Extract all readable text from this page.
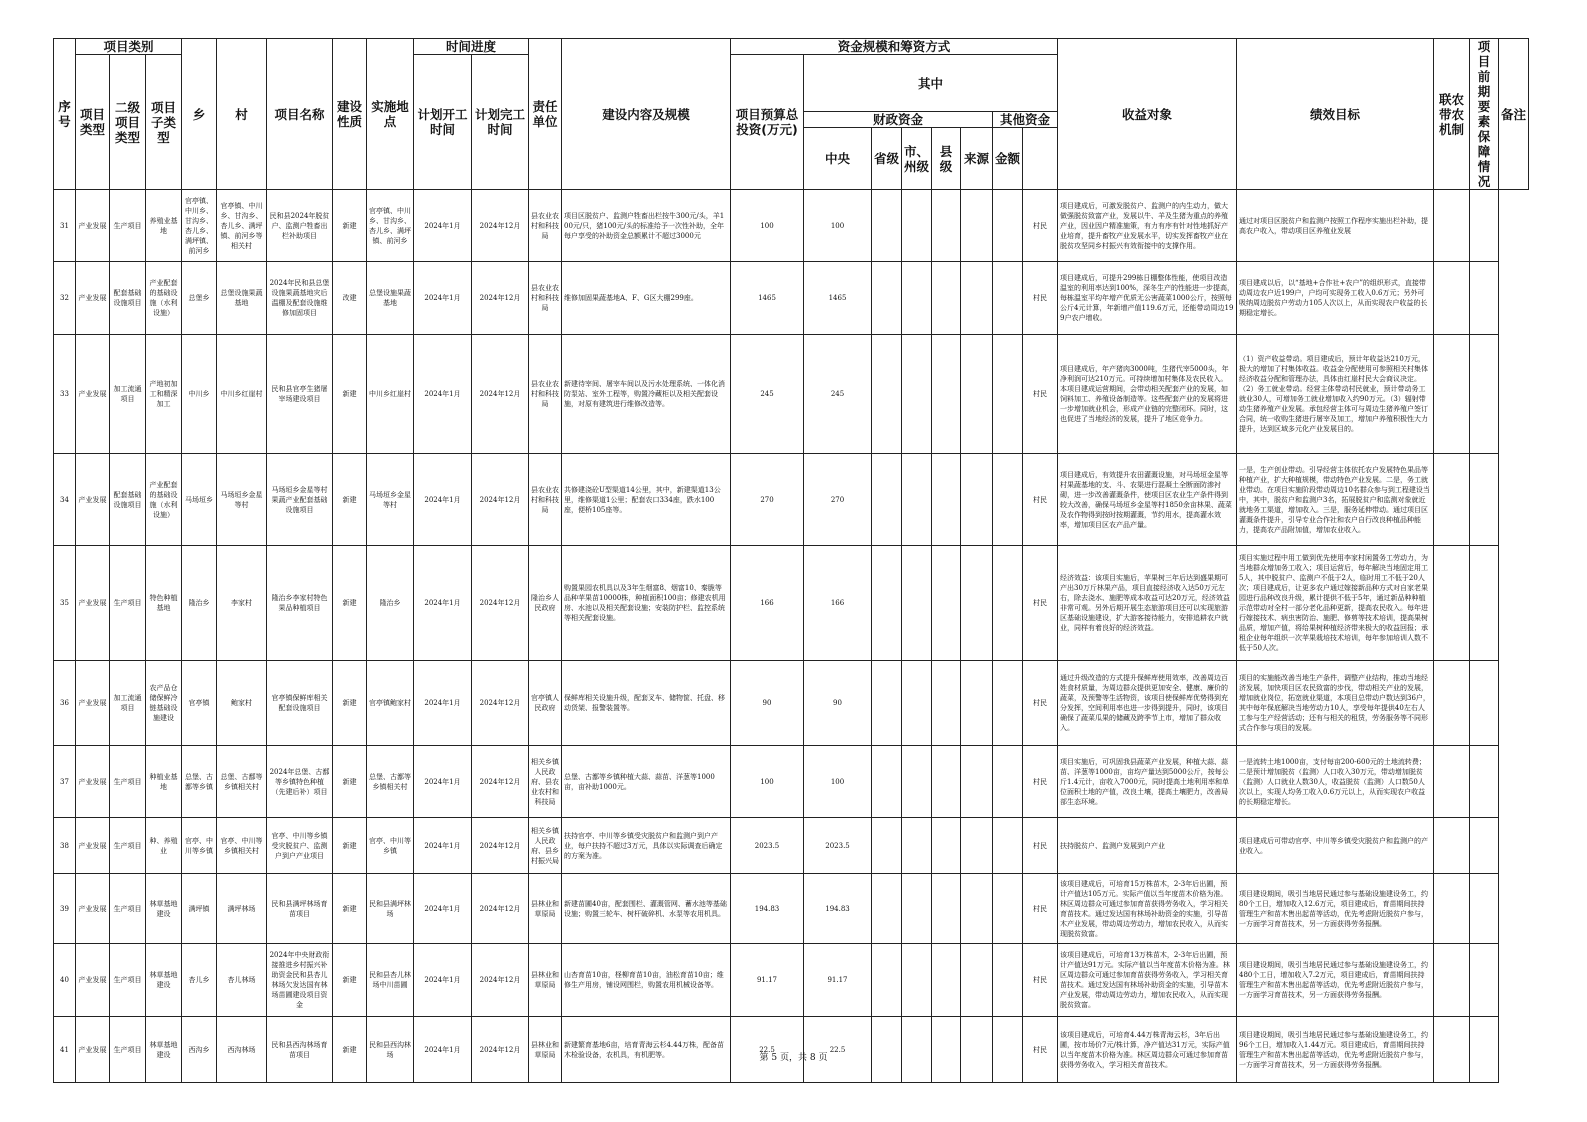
序号	项目类别			乡	村	项目名称	建设性质	实施地点	时间进度		责任单位	建设内容及规模	资金规模和筹资方式								收益对象	绩效目标	联农带农机制	项目前期要素保障情况	备注
	项目类型	二级项目类型	项目子类型						计划开工时间	计划完工时间			项目预算总投资(万元)	其中											
														财政资金					其他资金						
														中央	省级	市、州级	县级	来源	金额						
31	产业发展	生产项目	养殖业基地	官亭镇、中川乡、甘沟乡、杏儿乡、满坪镇、前河乡	官亭镇、中川乡、甘沟乡、杏儿乡、满坪镇、前河乡等相关村	民和县2024年脱贫户、监测户牲畜出栏补助项目	新建	官亭镇、中川乡、甘沟乡、杏儿乡、满坪镇、前河乡	2024年1月	2024年12月	县农业农村和科技局	项目区脱贫户、监测户牲畜出栏按牛300元/头，羊100元/只，猪100元/头的标准给予一次性补助，全年每户享受的补助资金总额累计不超过3000元	100	100						村民	项目建成后，可激发脱贫户、监测户的内生动力，做大做强脱贫致富产业，发展以牛、羊及生猪为重点的养殖产业，因业因户精准施策，有力有序有针对性地抓好产业培育，提升畜牧产业发展水平，切实发挥畜牧产业在脱贫攻坚同乡村振兴有效衔接中的支撑作用。	通过对项目区脱贫户和监测户按照工作程序实施出栏补助，提高农户收入，带动项目区养殖业发展			
32	产业发展	配套基础设施项目	产业配套的基础设施（水利设施）	总堡乡	总堡设施果蔬基地	2024年民和县总堡设施果蔬基地灾后温棚及配套设施维修加固项目	改建	总堡设施果蔬基地	2024年1月	2024年12月	县农业农村和科技局	维修加固果蔬基地A、F、G区大棚299座。	1465	1465						村民	项目建成后，可提升299栋日棚整体性能，使项目改造温室的利用率达到100%，深冬生产的性能进一步提高，每栋温室平均年增产优质无公害蔬菜1000公斤，按照每公斤4元计算，年新增产值119.6万元，还能带动周边199户农户增收。	项目建成以后，以“基地+合作社+农户”的组织形式，直接带动周边农户近199户，户均可实现务工收入0.6万元；另外可吸纳周边脱贫户劳动力105人次以上，从而实现农户收益的长期稳定增长。			
33	产业发展	加工流通项目	产地初加工和精深加工	中川乡	中川乡红崖村	民和县官亭生猪屠宰场建设项目	新建	中川乡红崖村	2024年1月	2024年12月	县农业农村和科技局	新建待宰间、屠宰车间以及污水处理系统、一体化消防泵站、室外工程等，购置冷藏柜以及相关配套设施，对原有建筑进行维修改造等。	245	245						村民	项目建成后，年产猪肉3000吨，生猪代宰5000头，年净利润可达210万元。可持续增加村集体及农民收入。本项目建成运营期间，会带动相关配套产业的发展，如饲料加工、养殖设备制造等。这些配套产业的发展将进一步增加就业机会，形成产业链的完整闭环。同时，这也促进了当地经济的发展，提升了地区竞争力。	（1）资产收益带动。项目建成后，预计年收益达210万元，极大的增加了村集体收益。收益金分配使用可参照相关村集体经济收益分配和管理办法，具体由红崖村民大会商议决定。（2）务工就业带动。经营主体带动村民就业，预计带动务工就业30人，可增加务工就业增加收入约90万元。（3）辐射带动生猪养殖产业发展。承包经营主体可与周边生猪养殖户签订合同，统一收购生猪进行屠宰及加工，增加户养殖积极性大力提升，达到区域多元化产业发展目的。			
34	产业发展	配套基础设施项目	产业配套的基础设施（水利设施）	马场垣乡	马场垣乡金星等村	马场垣乡金星等村果蔬产业配套基础设施项目	新建	马场垣乡金星等村	2024年1月	2024年12月	县农业农村和科技局	共修建浇砼U型渠道14公里，其中，新建渠道13公里，维修渠道1公里；配套农口334座，跌水100座，便桥105座等。	270	270						村民	项目建成后，有效提升农田灌溉设施，对马场垣金星等村果蔬基地的支、斗、农渠进行混凝土全断面防渗衬砌，进一步改善灌溉条件，使项目区农业生产条件得到较大改善，确保马场垣乡金星等村1850余亩林果、蔬菜及农作物得到按时按期灌溉，节约用水，提高灌水效率，增加项目区农产品产量。	一是，生产创业带动。引导经营主体依托农户发展特色果品等种植产业，扩大种植规模，带动特色产业发展。二是，务工就业带动。在项目实施阶段带动周边10名群众参与到工程建设当中，其中，脱贫户和监测户3名，拓展脱贫户和监测对象就近就地务工渠道，增加收入。三是，服务延伸带动。通过项目区灌溉条件提升，引导专业合作社和农户自行改良种植品种能力，提高农产品附加值，增加农业收入。			
35	产业发展	生产项目	特色种植基地	隆治乡	李家村	隆治乡李家村特色果品种植项目	新建	隆治乡	2024年1月	2024年12月	隆治乡人民政府	购置果园农机具以及3年生烟富8、烟富10、秦脆等品种苹果苗10000株，种植面积100亩；修建农机用房、水池以及相关配套设施；安装防护栏、监控系统等相关配套设施。	166	166						村民	经济效益：该项目实施后，苹果树三年后达到盛果期可产出30万斤林果产品，项目直接经济收入达50万元左右，除去浇水、施肥等成本收益可达20万元，经济效益非常可观。另外后期开展生态旅游项目还可以实现旅游区基础设施建设，扩大游客接待能力，安排追耕农户就业，同样有着良好的经济效益。	项目实施过程中用工做到优先使用李家村闲置务工劳动力，为当地群众增加务工收入；项目运营后，每年解决当地固定用工5人，其中脱贫户、监测户不低于2人，临时用工不低于20人次；项目建成后，让更多农户通过嫁接新品种方式对自家老果园进行品种改良升级，累计提供不低于5年，通过新品种种植示范带动对全村一部分老化品种更新，提高农民收入。每年进行嫁接技术、病虫害防治、施肥、修剪等技术培训，提高果树品质，增加产值，将给果树种植经济带来极大的收益回报；承租企业每年组织一次苹果栽培技术培训，每年参加培训人数不低于50人次。			
36	产业发展	加工流通项目	农产品仓储保鲜冷链基础设施建设	官亭镇	鲍家村	官亭镇保鲜库相关配套设施项目	新建	官亭镇鲍家村	2024年1月	2024年12月	官亭镇人民政府	保鲜库相关设施升级，配套叉车、储物筐、托盘、移动货架、报警装置等。	90	90						村民	通过升级改造的方式提升保鲜库使用效率，改善周边百姓食材质量，为周边群众提供更加安全、健康、廉价的蔬菜，及预警等生活物资，该项目使保鲜库优势得到充分发挥，空间利用率也进一步得到提升，同时，该项目确保了蔬菜瓜果的储藏及跨季节上市，增加了群众收入。	项目的实施能改善当地生产条件，调整产业结构，推动当地经济发展，加快项目区农民致富的步伐，带动相关产业的发展，增加就业岗位，拓宽就业渠道，本项目总带动户数达到36户，其中每年保底解决当地劳动力10人，享受每年提供40左右人工参与生产经营活动；还有与相关的租赁，劳务服务等不同形式合作参与项目的发展。			
37	产业发展	生产项目	种植业基地	总堡、古鄯等乡镇	总堡、古鄯等乡镇相关村	2024年总堡、古鄯等乡镇特色种植（先建后补）项目	新建	总堡、古鄯等乡镇相关村	2024年1月	2024年12月	相关乡镇人民政府、县农业农村和科技局	总堡、古鄯等乡镇种植大蒜、蒜苗、洋葱等1000亩，亩补助1000元。	100	100						村民	项目实施后，可巩固我县蔬菜产业发展，种植大蒜、蒜苗、洋葱等1000亩，亩均产量达到5000公斤，按每公斤1.4元计，亩收入7000元，同时提高土地利用率和单位面积土地的产值，改良土壤，提高土壤肥力，改善局部生态环境。	一是流转土地1000亩，支付每亩200-600元的土地流转费；二是预计增加脱贫（监测）人口收入30万元，带动增加脱贫（监测）人口就业人数30人，收益脱贫（监测）人口数50人次以上，实现人均务工收入0.6万元以上，从而实现农户收益的长期稳定增长。			
38	产业发展	生产项目	种、养殖业	官亭、中川等乡镇	官亭、中川等乡镇相关村	官亭、中川等乡镇受灾脱贫户、监测户到户产业项目	新建	官亭、中川等乡镇	2024年1月	2024年12月	相关乡镇人民政府、县乡村振兴局	扶持官亭、中川等乡镇受灾脱贫户和监测户到户产业，每户扶持不超过3万元，具体以实际调查后确定的方案为准。	2023.5	2023.5						村民	扶持脱贫户、监测户发展到户产业	项目建成后可带动官亭、中川等乡镇受灾脱贫户和监测户的产业收入。			
39	产业发展	生产项目	林草基地建设	满坪镇	满坪林场	民和县满坪林场育苗项目	新建	民和县满坪林场	2024年1月	2024年12月	县林业和草原局	新建苗圃40亩，配套围栏、灌溉管网、蓄水池等基础设施；购置三轮车、树杆破碎机、水泵等农用机具。	194.83	194.83						村民	该项目建成后，可培育15万株苗木，2-3年后出圃，预计产值达105万元。实际产值以当年度苗木价格为准。林区周边群众可通过参加育苗获得劳务收入，学习相关育苗技术。通过发达国有林场补助资金的实施，引导苗木产业发展，带动周边劳动力，增加农民收入，从而实现脱贫致富。	项目建设期间，吸引当地居民通过参与基础设施建设务工，约80个工日，增加收入12.6万元，项目建成后，育苗期间扶持管理生产和苗木售出起苗等活动，优先考虑附近脱贫户参与，一方面学习育苗技术，另一方面获得劳务报酬。			
40	产业发展	生产项目	林草基地建设	杏儿乡	杏儿林场	2024年中央财政衔接推进乡村振兴补助资金民和县杏儿林场欠发达国有林场苗圃建设项目资金	新建	民和县杏儿林场中川苗圃	2024年1月	2024年12月	县林业和草原局	山杏育苗10亩，柽柳育苗10亩，油松育苗10亩；维修生产用房，铺设网围栏，购置农用机械设备等。	91.17	91.17						村民	该项目建成后，可培育13万株苗木，2-3年后出圃，预计产值达91万元。实际产值以当年度苗木价格为准。林区周边群众可通过参加育苗获得劳务收入，学习相关育苗技术。通过发达国有林场补助资金的实施，引导苗木产业发展，带动周边劳动力，增加农民收入，从而实现脱贫致富。	项目建设期间，吸引当地居民通过参与基础设施建设务工，约480个工日，增加收入7.2万元，项目建成后，育苗期间扶持管理生产和苗木售出起苗等活动，优先考虑附近脱贫户参与，一方面学习育苗技术，另一方面获得劳务报酬。			
41	产业发展	生产项目	林草基地建设	西沟乡	西沟林场	民和县西沟林场育苗项目	新建	民和县西沟林场	2024年1月	2024年12月	县林业和草原局	新建繁育基地6亩，培育青海云杉4.44万株，配备苗木检验设备，农机具，有机肥等。	22.5	22.5						村民	该项目建成后，可培育4.44万株青海云杉，3年后出圃，按市场价7元/株计算，净产值达31万元，实际产值以当年度苗木价格为准。林区周边群众可通过参加育苗获得劳务收入，学习相关育苗技术。	项目建设期间，吸引当地居民通过参与基础设施建设务工，约96个工日，增加收入1.44万元。项目建成后，育苗期间扶持管理生产和苗木售出起苗等活动，优先考虑附近脱贫户参与，一方面学习育苗技术，另一方面获得劳务报酬。			
第 5 页，共 8 页
